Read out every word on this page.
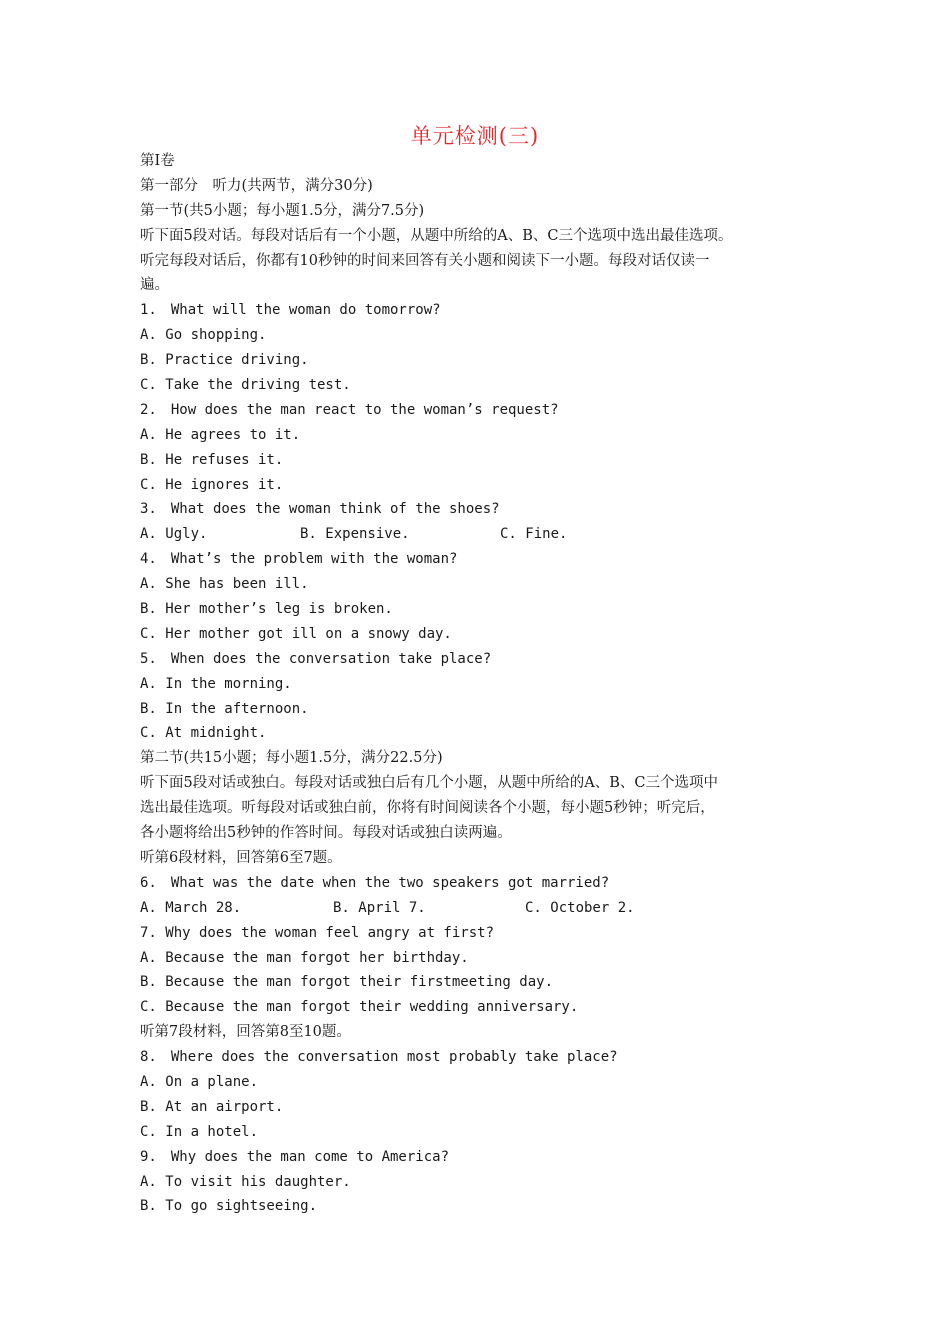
单元检测(三)
第Ⅰ卷
第一部分　听力(共两节，满分30分)
第一节(共5小题；每小题1.5分，满分7.5分)
听下面5段对话。每段对话后有一个小题，从题中所给的A、B、C三个选项中选出最佳选项。
听完每段对话后，你都有10秒钟的时间来回答有关小题和阅读下一小题。每段对话仅读一
遍。
1.　What will the woman do tomorrow?
A. Go shopping.
B. Practice driving.
C. Take the driving test.
2.　How does the man react to the woman’s request?
A. He agrees to it.
B. He refuses it.
C. He ignores it.
3.　What does the woman think of the shoes?
A. Ugly.	B. Expensive.	C. Fine.
4.　What’s the problem with the woman?
A. She has been ill.
B. Her mother’s leg is broken.
C. Her mother got ill on a snowy day.
5.　When does the conversation take place?
A. In the morning.
B. In the afternoon.
C. At midnight.
第二节(共15小题；每小题1.5分，满分22.5分)
听下面5段对话或独白。每段对话或独白后有几个小题，从题中所给的A、B、C三个选项中
选出最佳选项。听每段对话或独白前，你将有时间阅读各个小题，每小题5秒钟；听完后，
各小题将给出5秒钟的作答时间。每段对话或独白读两遍。
听第6段材料，回答第6至7题。
6.　What was the date when the two speakers got married?
A. March 28.	B. April 7.	C. October 2.
7. Why does the woman feel angry at first?
A. Because the man forgot her birthday.
B. Because the man forgot their firstmeeting day.
C. Because the man forgot their wedding anniversary.
听第7段材料，回答第8至10题。
8.　Where does the conversation most probably take place?
A. On a plane.
B. At an airport.
C. In a hotel.
9.　Why does the man come to America?
A. To visit his daughter.
B. To go sightseeing.
